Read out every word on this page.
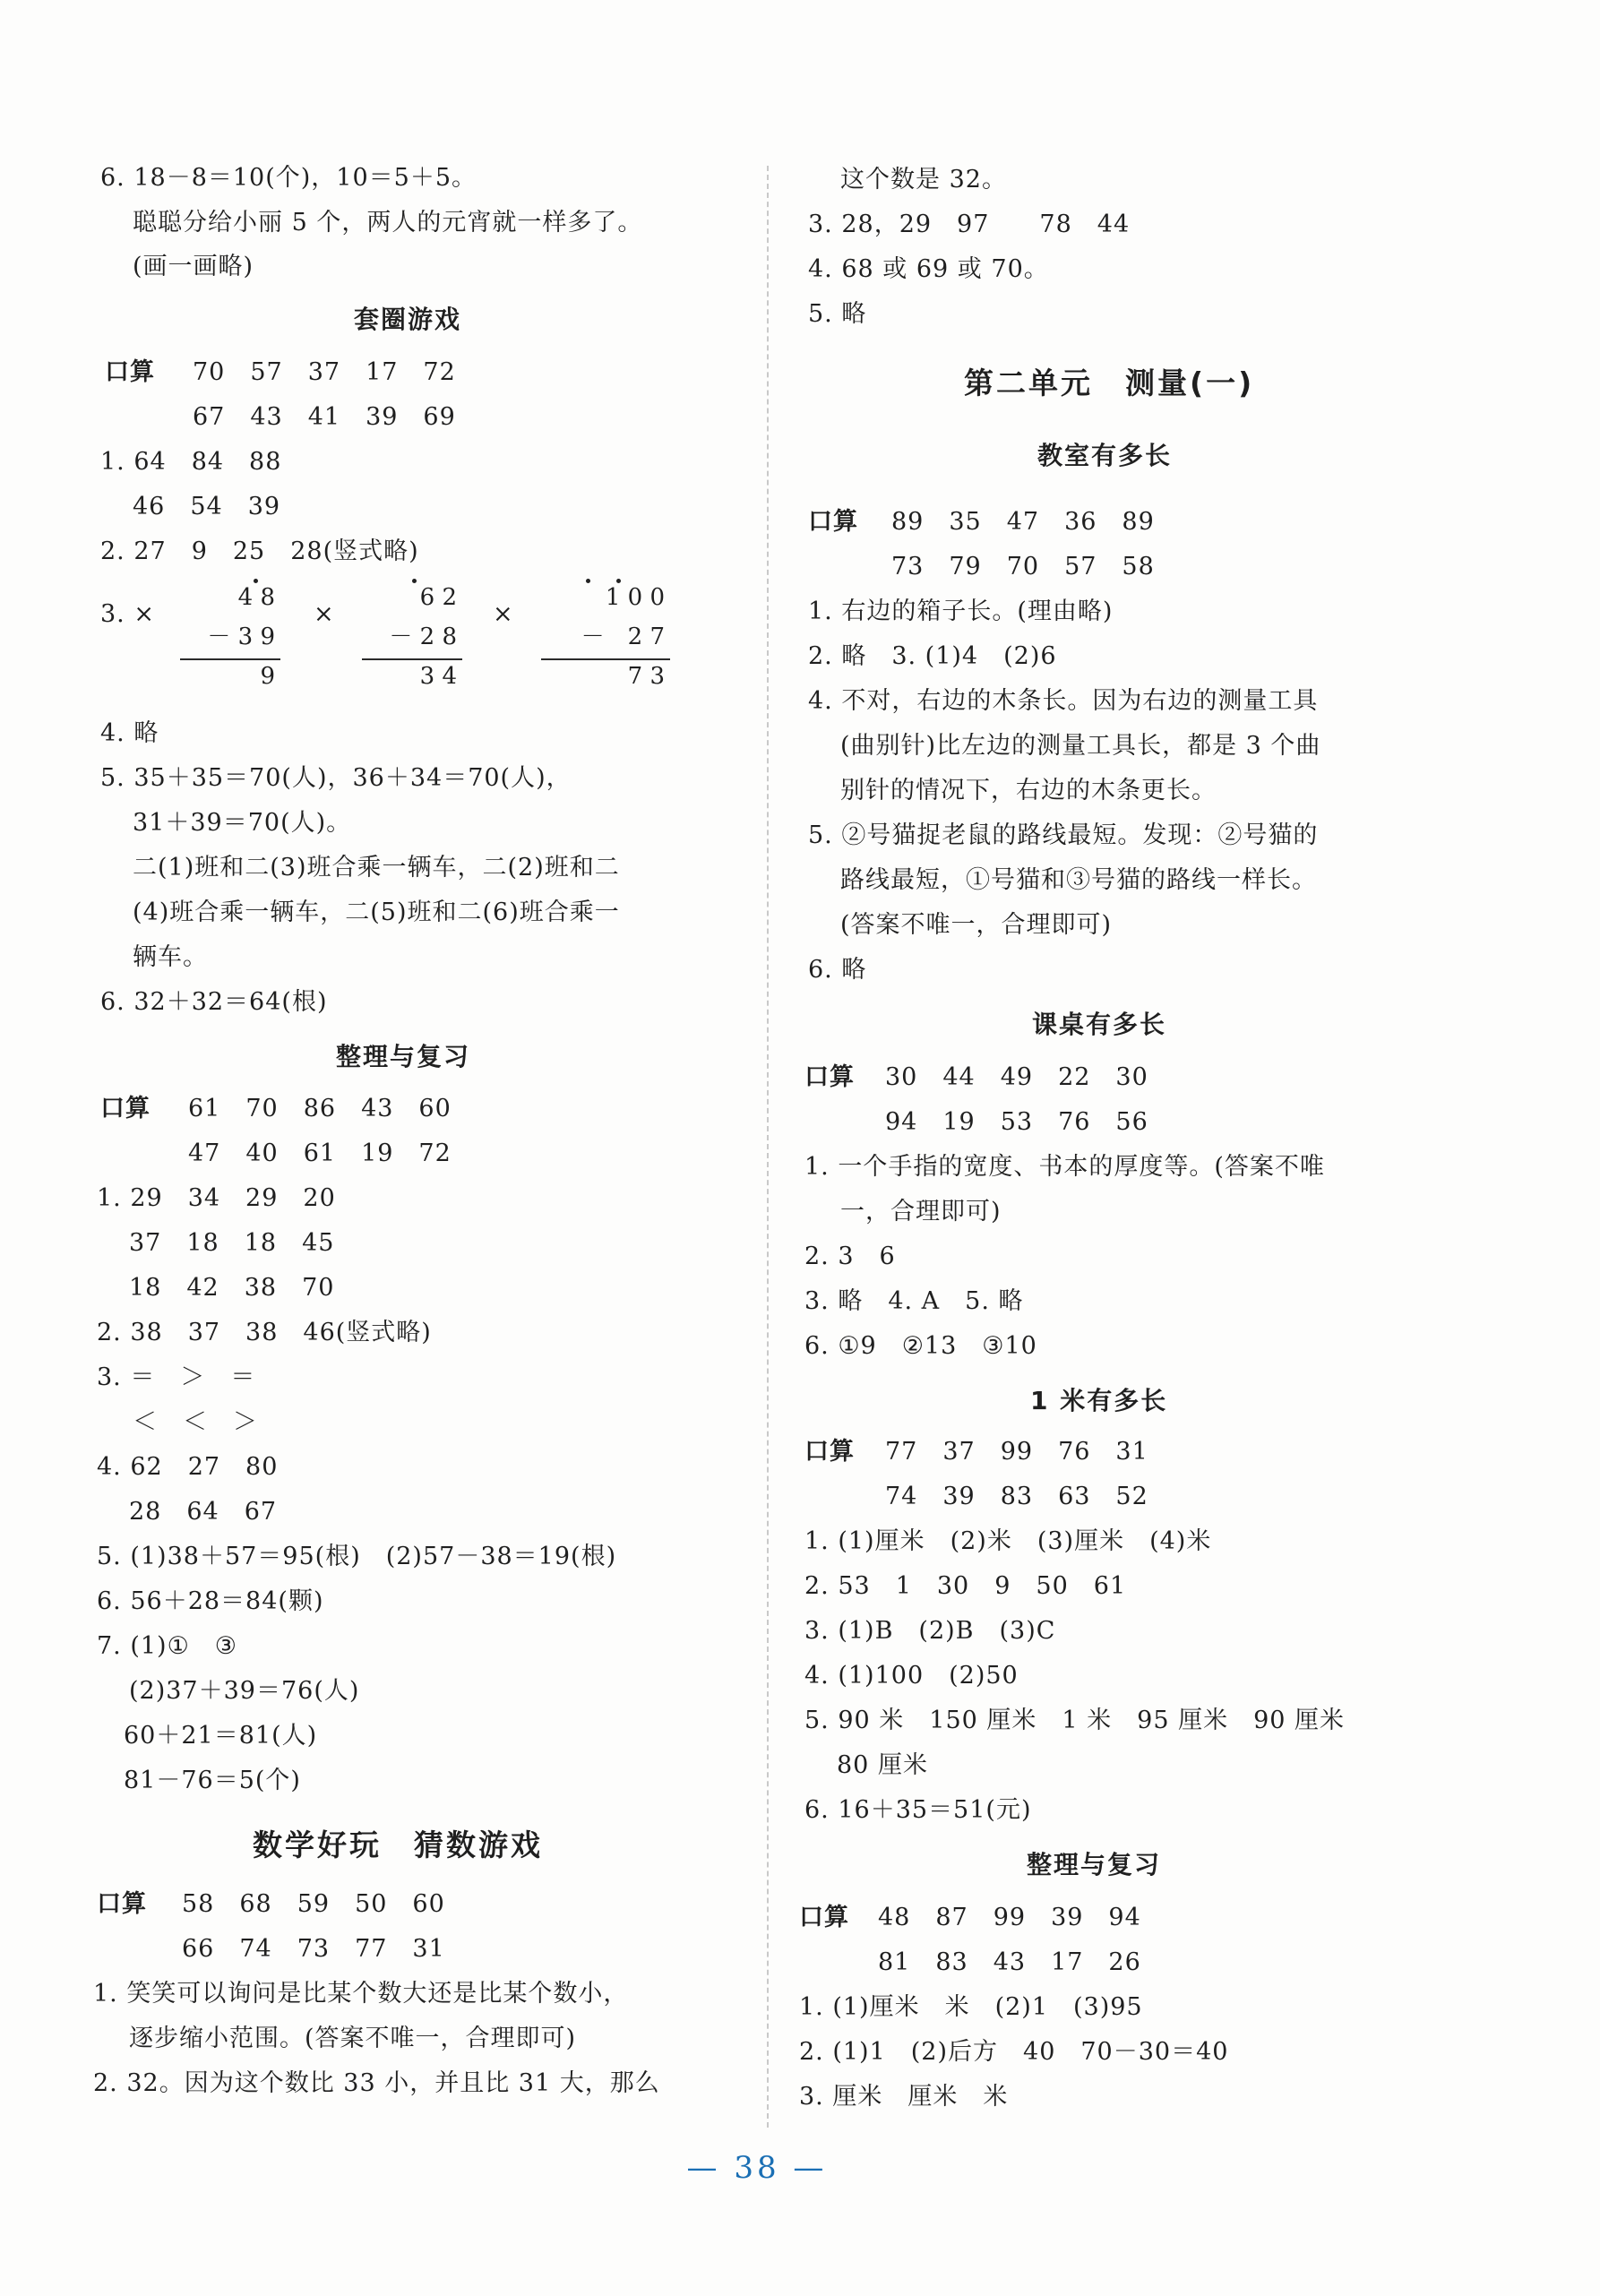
6. 18－8＝10(个)，10＝5＋5。
聪聪分给小丽 5 个，两人的元宵就一样多了。
(画一画略)
套圈游戏
口算 70　57　37　17　72
67　43　41　39　69
1. 64　84　88
46　54　39
2. 27　9　25　28(竖式略)
3. ×
4 8
－ 3 9
9
×
6 2
－ 2 8
3 4
×
1 0 0
－　2 7
7 3
4. 略
5. 35＋35＝70(人)，36＋34＝70(人)，
31＋39＝70(人)。
二(1)班和二(3)班合乘一辆车，二(2)班和二
(4)班合乘一辆车，二(5)班和二(6)班合乘一
辆车。
6. 32＋32＝64(根)
整理与复习
口算 61　70　86　43　60
47　40　61　19　72
1. 29　34　29　20
37　18　18　45
18　42　38　70
2. 38　37　38　46(竖式略)
3. ＝　＞　＝
＜　＜　＞
4. 62　27　80
28　64　67
5. (1)38＋57＝95(根)　(2)57－38＝19(根)
6. 56＋28＝84(颗)
7. (1)①　③
(2)37＋39＝76(人)
60＋21＝81(人)
81－76＝5(个)
数学好玩　猜数游戏
口算 58　68　59　50　60
66　74　73　77　31
1. 笑笑可以询问是比某个数大还是比某个数小，
逐步缩小范围。(答案不唯一，合理即可)
2. 32。因为这个数比 33 小，并且比 31 大，那么
这个数是 32。
3. 28，29　97　　78　44
4. 68 或 69 或 70。
5. 略
第二单元　测量(一)
教室有多长
口算 89　35　47　36　89
73　79　70　57　58
1. 右边的箱子长。(理由略)
2. 略　3. (1)4　(2)6
4. 不对，右边的木条长。因为右边的测量工具
(曲别针)比左边的测量工具长，都是 3 个曲
别针的情况下，右边的木条更长。
5. ②号猫捉老鼠的路线最短。发现：②号猫的
路线最短，①号猫和③号猫的路线一样长。
(答案不唯一，合理即可)
6. 略
课桌有多长
口算 30　44　49　22　30
94　19　53　76　56
1. 一个手指的宽度、书本的厚度等。(答案不唯
一，合理即可)
2. 3　6
3. 略　4. A　5. 略
6. ①9　②13　③10
1 米有多长
口算 77　37　99　76　31
74　39　83　63　52
1. (1)厘米　(2)米　(3)厘米　(4)米
2. 53　1　30　9　50　61
3. (1)B　(2)B　(3)C
4. (1)100　(2)50
5. 90 米　150 厘米　1 米　95 厘米　90 厘米
80 厘米
6. 16＋35＝51(元)
整理与复习
口算 48　87　99　39　94
81　83　43　17　26
1. (1)厘米　米　(2)1　(3)95
2. (1)1　(2)后方　40　70－30＝40
3. 厘米　厘米　米
— 38 —
